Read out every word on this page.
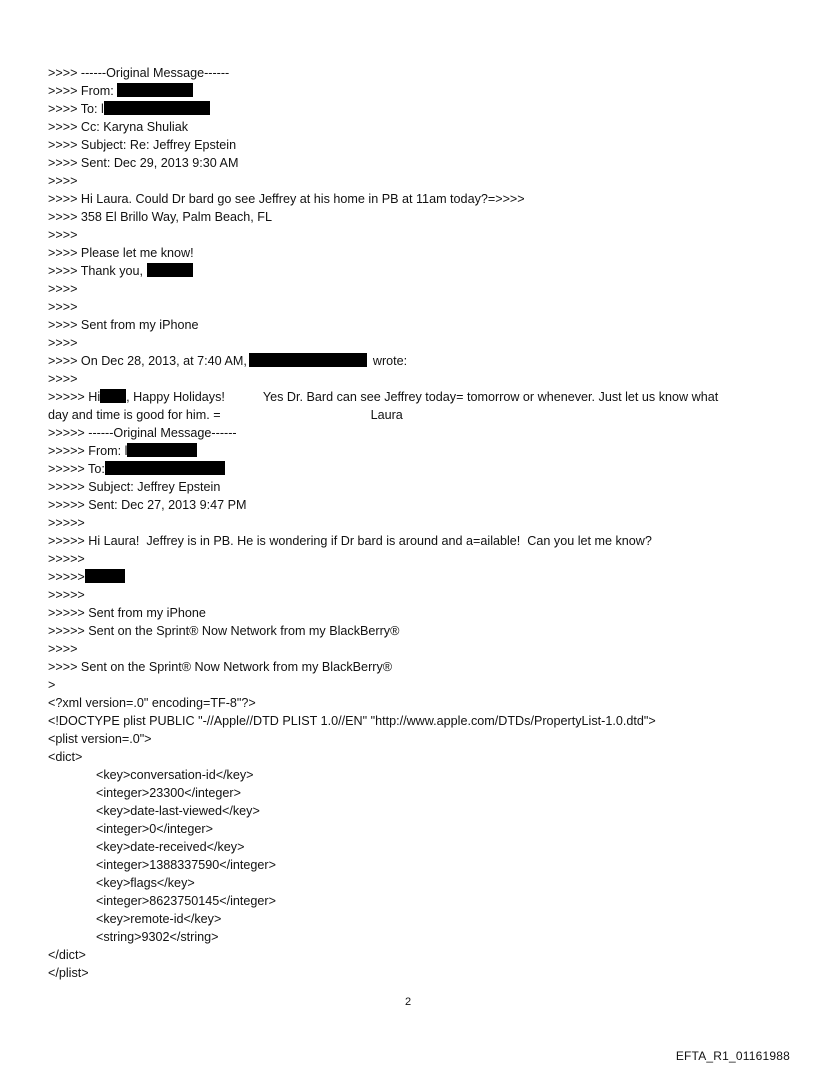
>>>> ------Original Message------
>>>> From:
>>>> To: l
>>>> Cc: Karyna Shuliak
>>>> Subject: Re: Jeffrey Epstein
>>>> Sent: Dec 29, 2013 9:30 AM
>>>>
>>>> Hi Laura. Could Dr bard go see Jeffrey at his home in PB at 11am today?=>>>>
>>>> 358 El Brillo Way, Palm Beach, FL
>>>>
>>>> Please let me know!
>>>> Thank you,
>>>>
>>>>
>>>> Sent from my iPhone
>>>>
>>>> On Dec 28, 2013, at 7:40 AM,	wrote:
>>>>
>>>>> Hi , Happy Holidays!	Yes Dr. Bard can see Jeffrey today= tomorrow or whenever. Just let us know what
day and time is good for him. =	Laura
>>>>> ------Original Message------
>>>>> From: l
>>>>> To:
>>>>> Subject: Jeffrey Epstein
>>>>> Sent: Dec 27, 2013 9:47 PM
>>>>>
>>>>> Hi Laura!  Jeffrey is in PB. He is wondering if Dr bard is around and a=ailable!  Can you let me know?
>>>>>
>>>>>
>>>>>
>>>>> Sent from my iPhone
>>>>> Sent on the Sprint® Now Network from my BlackBerry®
>>>>
>>>> Sent on the Sprint® Now Network from my BlackBerry®
>
<?xml version=.0" encoding=TF-8"?>
<!DOCTYPE plist PUBLIC "-//Apple//DTD PLIST 1.0//EN" "http://www.apple.com/DTDs/PropertyList-1.0.dtd">
<plist version=.0">
<dict>
<key>conversation-id</key>
<integer>23300</integer>
<key>date-last-viewed</key>
<integer>0</integer>
<key>date-received</key>
<integer>1388337590</integer>
<key>flags</key>
<integer>8623750145</integer>
<key>remote-id</key>
<string>9302</string>
</dict>
</plist>
2
EFTA_R1_01161988
